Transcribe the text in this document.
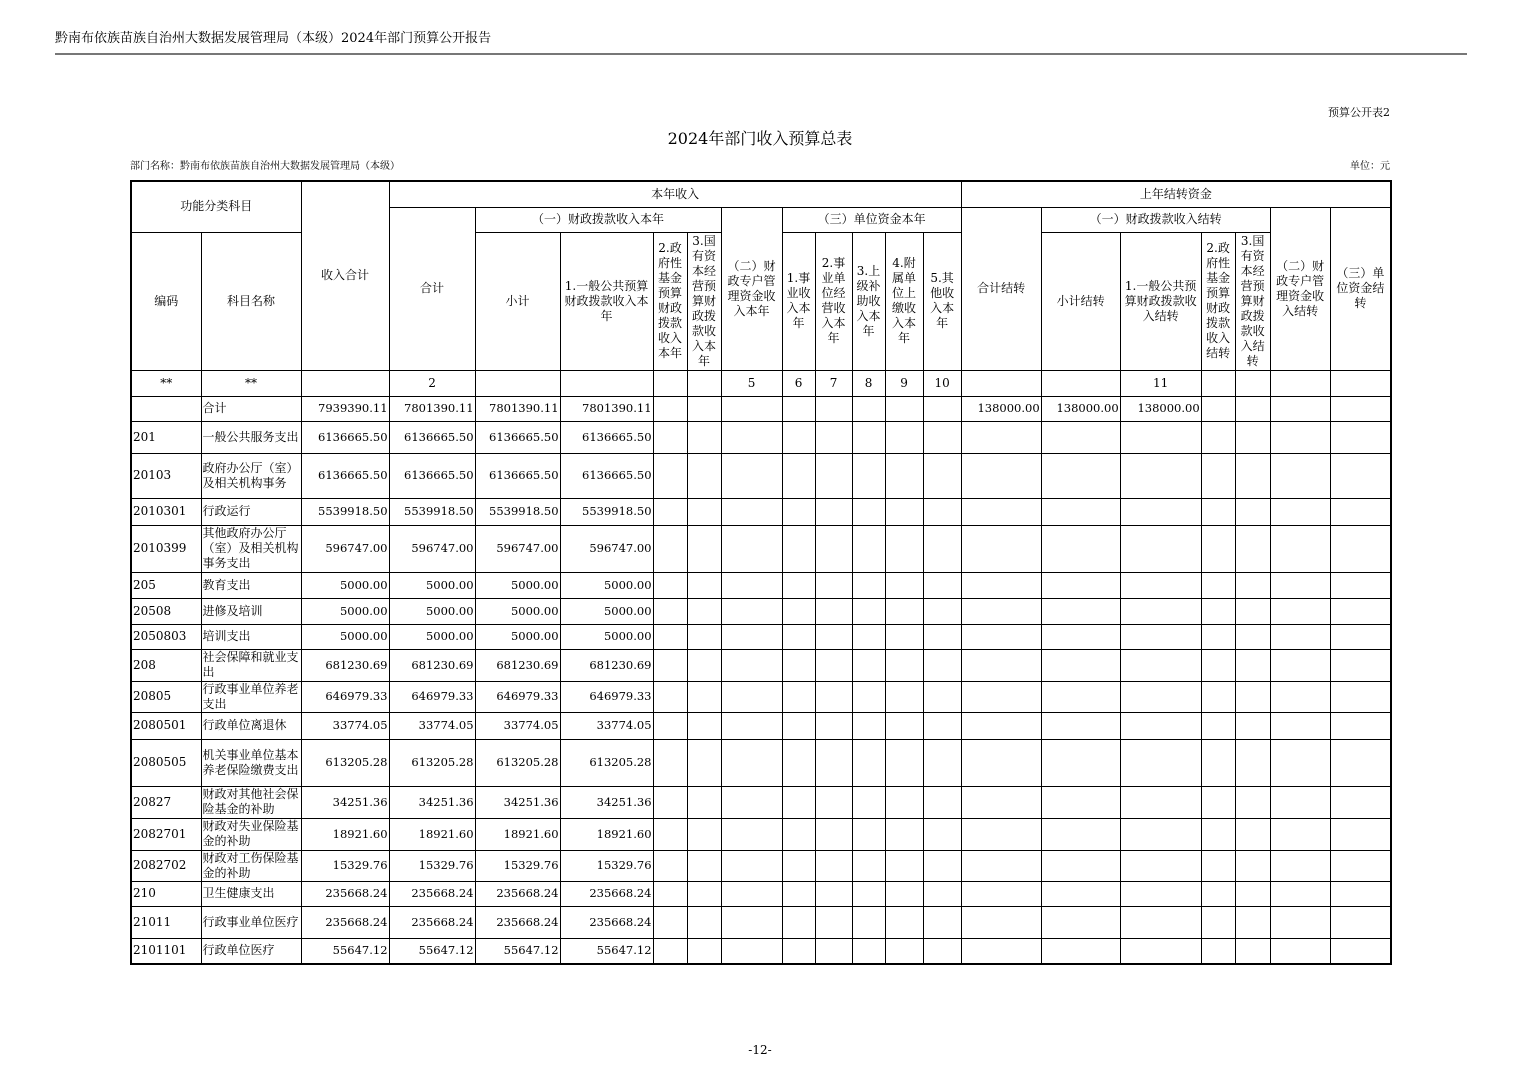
黔南布依族苗族自治州大数据发展管理局（本级）2024年部门预算公开报告
预算公开表2
2024年部门收入预算总表
部门名称：黔南布依族苗族自治州大数据发展管理局（本级）	单位：元
功能分类科目		收入合计	本年收入											上年结转资金						
			合计	（一）财政拨款收入本年				（二）财政专户管理资金收入本年	（三）单位资金本年					合计结转	（一）财政拨款收入结转				（二）财政专户管理资金收入结转	（三）单位资金结转
编码	科目名称			小计	1.一般公共预算财政拨款收入本年	2.政府性基金预算财政拨款收入本年	3.国有资本经营预算财政拨款收入本年		1.事业收入本年	2.事业单位经营收入本年	3.上级补助收入本年	4.附属单位上缴收入本年	5.其他收入本年		小计结转	1.一般公共预算财政拨款收入结转	2.政府性基金预算财政拨款收入结转	3.国有资本经营预算财政拨款收入结转		
**	**		2					5	6	7	8	9	10			11				
	合计	7939390.11	7801390.11	7801390.11	7801390.11									138000.00	138000.00	138000.00				
201	一般公共服务支出	6136665.50	6136665.50	6136665.50	6136665.50															
20103	政府办公厅（室）及相关机构事务	6136665.50	6136665.50	6136665.50	6136665.50															
2010301	行政运行	5539918.50	5539918.50	5539918.50	5539918.50															
2010399	其他政府办公厅（室）及相关机构事务支出	596747.00	596747.00	596747.00	596747.00															
205	教育支出	5000.00	5000.00	5000.00	5000.00															
20508	进修及培训	5000.00	5000.00	5000.00	5000.00															
2050803	培训支出	5000.00	5000.00	5000.00	5000.00															
208	社会保障和就业支出	681230.69	681230.69	681230.69	681230.69															
20805	行政事业单位养老支出	646979.33	646979.33	646979.33	646979.33															
2080501	行政单位离退休	33774.05	33774.05	33774.05	33774.05															
2080505	机关事业单位基本养老保险缴费支出	613205.28	613205.28	613205.28	613205.28															
20827	财政对其他社会保险基金的补助	34251.36	34251.36	34251.36	34251.36															
2082701	财政对失业保险基金的补助	18921.60	18921.60	18921.60	18921.60															
2082702	财政对工伤保险基金的补助	15329.76	15329.76	15329.76	15329.76															
210	卫生健康支出	235668.24	235668.24	235668.24	235668.24															
21011	行政事业单位医疗	235668.24	235668.24	235668.24	235668.24															
2101101	行政单位医疗	55647.12	55647.12	55647.12	55647.12															
-12-
